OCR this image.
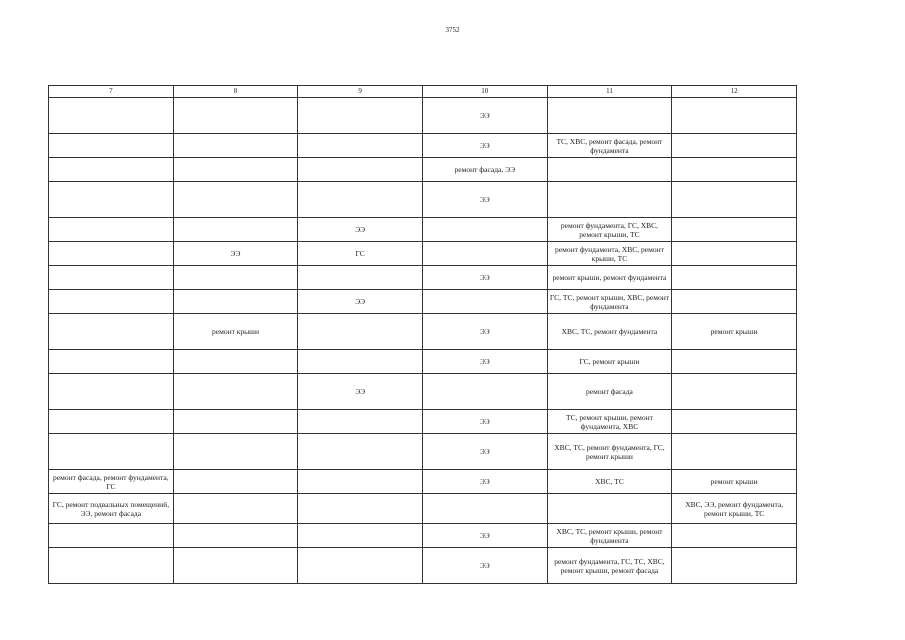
3752
7	8	9	10	11	12
			ЭЭ		
			ЭЭ	ТС, ХВС, ремонт фасада, ремонт фундамента	
			ремонт фасада, ЭЭ		
			ЭЭ		
		ЭЭ		ремонт фундамента, ГС, ХВС, ремонт крыши, ТС	
	ЭЭ	ГС		ремонт фундамента, ХВС, ремонт крыши, ТС	
			ЭЭ	ремонт крыши, ремонт фундамента	
		ЭЭ		ГС, ТС, ремонт крыши, ХВС, ремонт фундамента	
	ремонт крыши		ЭЭ	ХВС, ТС, ремонт фундамента	ремонт крыши
			ЭЭ	ГС, ремонт крыши	
		ЭЭ		ремонт фасада	
			ЭЭ	ТС, ремонт крыши, ремонт фундамента, ХВС	
			ЭЭ	ХВС, ТС, ремонт фундамента, ГС, ремонт крыши	
ремонт фасада, ремонт фундамента, ГС			ЭЭ	ХВС, ТС	ремонт крыши
ГС, ремонт подвальных помещений, ЭЭ, ремонт фасада					ХВС, ЭЭ, ремонт фундамента, ремонт крыши, ТС
			ЭЭ	ХВС, ТС, ремонт крыши, ремонт фундамента	
			ЭЭ	ремонт фундамента, ГС, ТС, ХВС, ремонт крыши, ремонт фасада	
